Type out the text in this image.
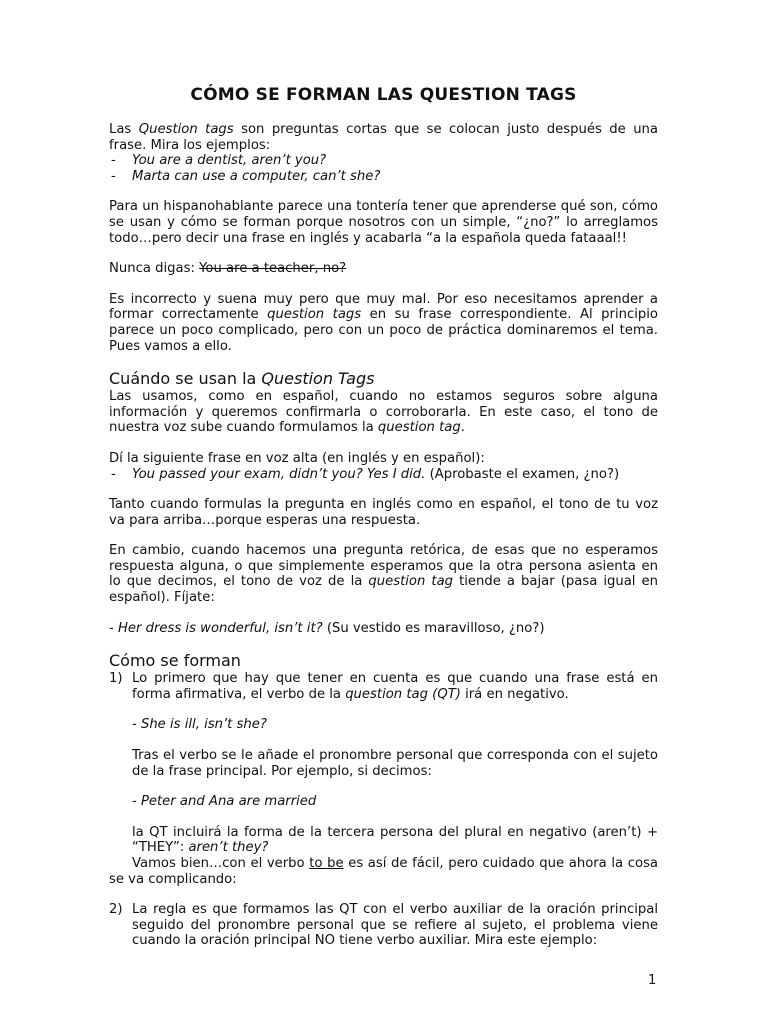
CÓMO SE FORMAN LAS QUESTION TAGS

Las Question tags son preguntas cortas que se colocan justo después de una frase. Mira los ejemplos:

- You are a dentist, aren’t you?
- Marta can use a computer, can’t she?

Para un hispanohablante parece una tontería tener que aprenderse qué son, cómo se usan y cómo se forman porque nosotros con un simple, “¿no?” lo arreglamos todo…pero decir una frase en inglés y acabarla “a la española queda fataaal!!

Nunca digas: You are a teacher, no?

Es incorrecto y suena muy pero que muy mal. Por eso necesitamos aprender a formar correctamente question tags en su frase correspondiente. Al principio parece un poco complicado, pero con un poco de práctica dominaremos el tema. Pues vamos a ello.

Cuándo se usan la Question Tags

Las usamos, como en español, cuando no estamos seguros sobre alguna información y queremos confirmarla o corroborarla. En este caso, el tono de nuestra voz sube cuando formulamos la question tag.

Dí la siguiente frase en voz alta (en inglés y en español):

- You passed your exam, didn’t you? Yes I did. (Aprobaste el examen, ¿no?)

Tanto cuando formulas la pregunta en inglés como en español, el tono de tu voz va para arriba…porque esperas una respuesta.

En cambio, cuando hacemos una pregunta retórica, de esas que no esperamos respuesta alguna, o que simplemente esperamos que la otra persona asienta en lo que decimos, el tono de voz de la question tag tiende a bajar (pasa igual en español). Fíjate:

- Her dress is wonderful, isn’t it? (Su vestido es maravilloso, ¿no?)

Cómo se forman
1) Lo primero que hay que tener en cuenta es que cuando una frase está en forma afirmativa, el verbo de la question tag (QT) irá en negativo.

- She is ill, isn’t she?

Tras el verbo se le añade el pronombre personal que corresponda con el sujeto de la frase principal. Por ejemplo, si decimos:

- Peter and Ana are married

la QT incluirá la forma de la tercera persona del plural en negativo (aren’t) + “THEY”: aren’t they?

Vamos bien…con el verbo to be es así de fácil, pero cuidado que ahora la cosa se va complicando:

2) La regla es que formamos las QT con el verbo auxiliar de la oración principal seguido del pronombre personal que se refiere al sujeto, el problema viene cuando la oración principal NO tiene verbo auxiliar. Mira este ejemplo:
1
